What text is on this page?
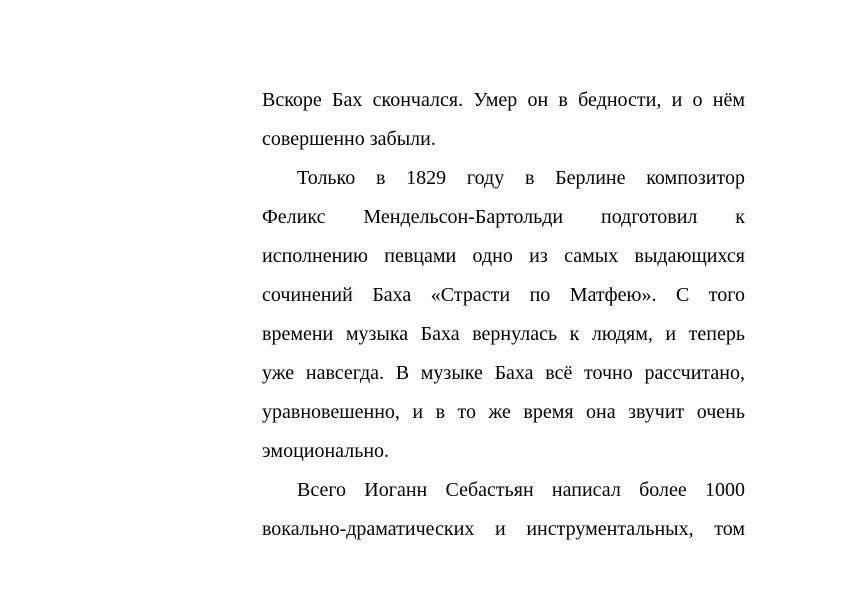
Вскоре Бах скончался. Умер он в бедности, и о нём
совершенно забыли.
Только в 1829 году в Берлине композитор
Феликс Мендельсон-Бартольди подготовил к
исполнению певцами одно из самых выдающихся
сочинений Баха «Страсти по Матфею». С того
времени музыка Баха вернулась к людям, и теперь
уже навсегда. В музыке Баха всё точно рассчитано,
уравновешенно, и в то же время она звучит очень
эмоционально.
Всего Иоганн Себастьян написал более 1000
вокально-драматических и инструментальных, том
